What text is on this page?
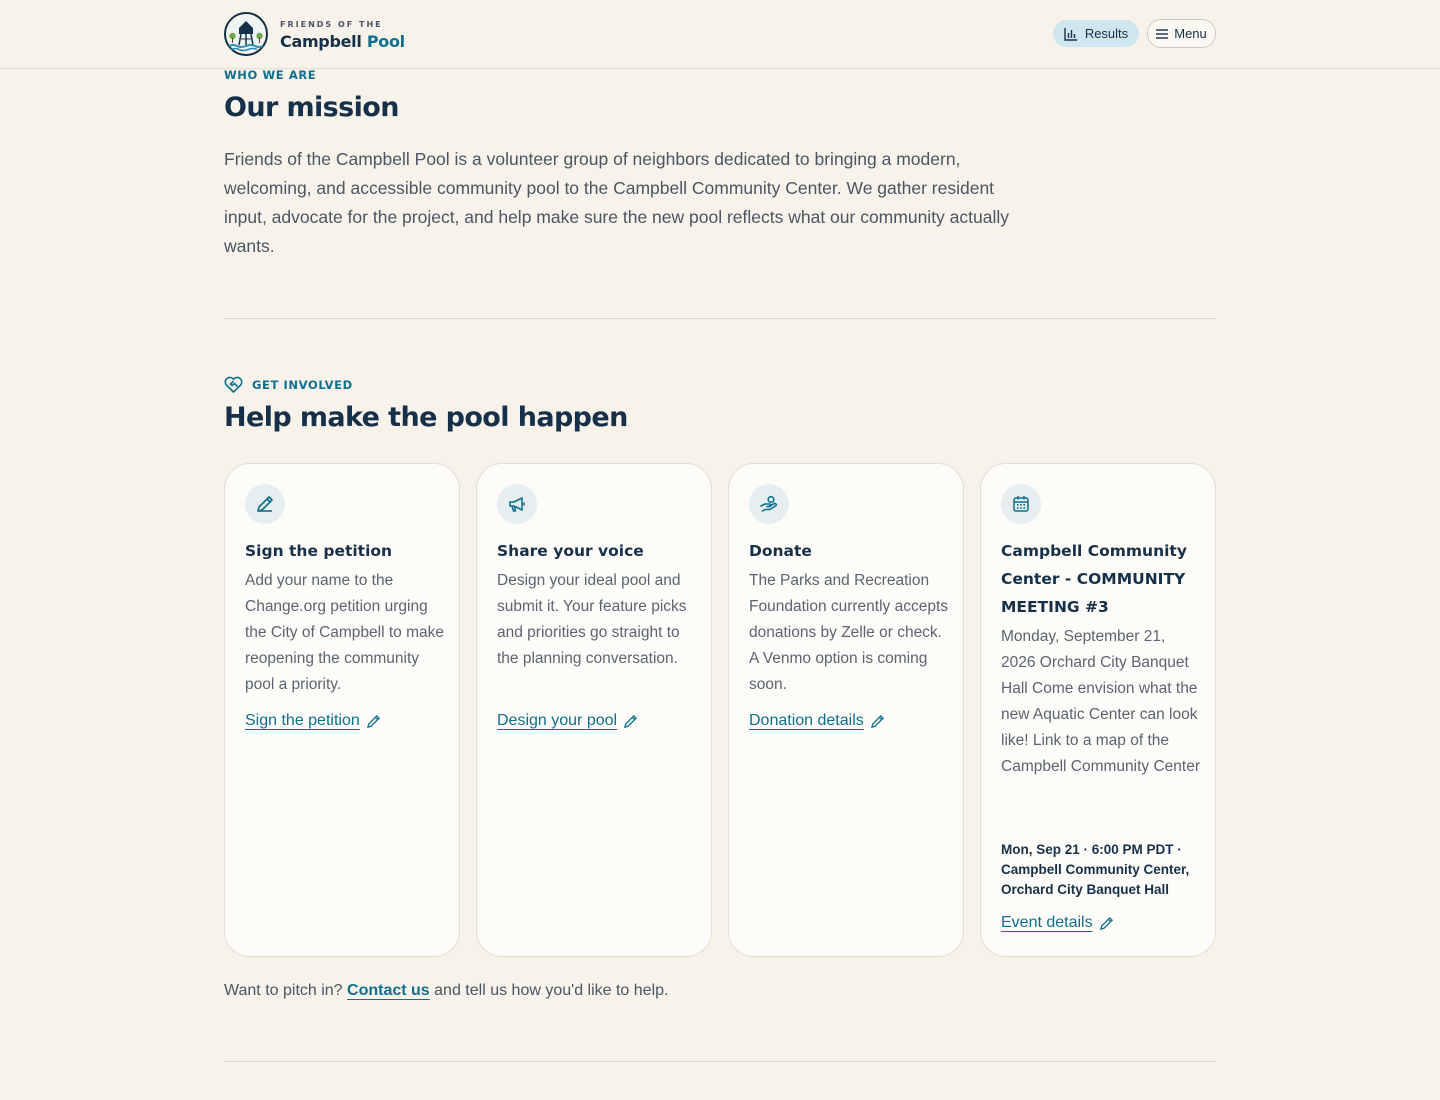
FRIENDS OF THE
Campbell Pool	Results	Menu
WHO WE ARE
Our mission

Friends of the Campbell Pool is a volunteer group of neighbors dedicated to bringing a modern, welcoming, and accessible community pool to the Campbell Community Center. We gather resident input, advocate for the project, and help make sure the new pool reflects what our community actually wants.

GET INVOLVED
Help make the pool happen
Sign the petition
Add your name to the Change.org petition urging the City of Campbell to make reopening the community pool a priority.
Sign the petition
Share your voice
Design your ideal pool and submit it. Your feature picks and priorities go straight to the planning conversation.
Design your pool
Donate
The Parks and Recreation Foundation currently accepts donations by Zelle or check. A Venmo option is coming soon.
Donation details
Campbell Community Center - COMMUNITY MEETING #3
Monday, September 21, 2026 Orchard City Banquet Hall Come envision what the new Aquatic Center can look like! Link to a map of the Campbell Community Center
Mon, Sep 21 · 6:00 PM PDT · Campbell Community Center, Orchard City Banquet Hall
Event details

Want to pitch in? Contact us and tell us how you'd like to help.
